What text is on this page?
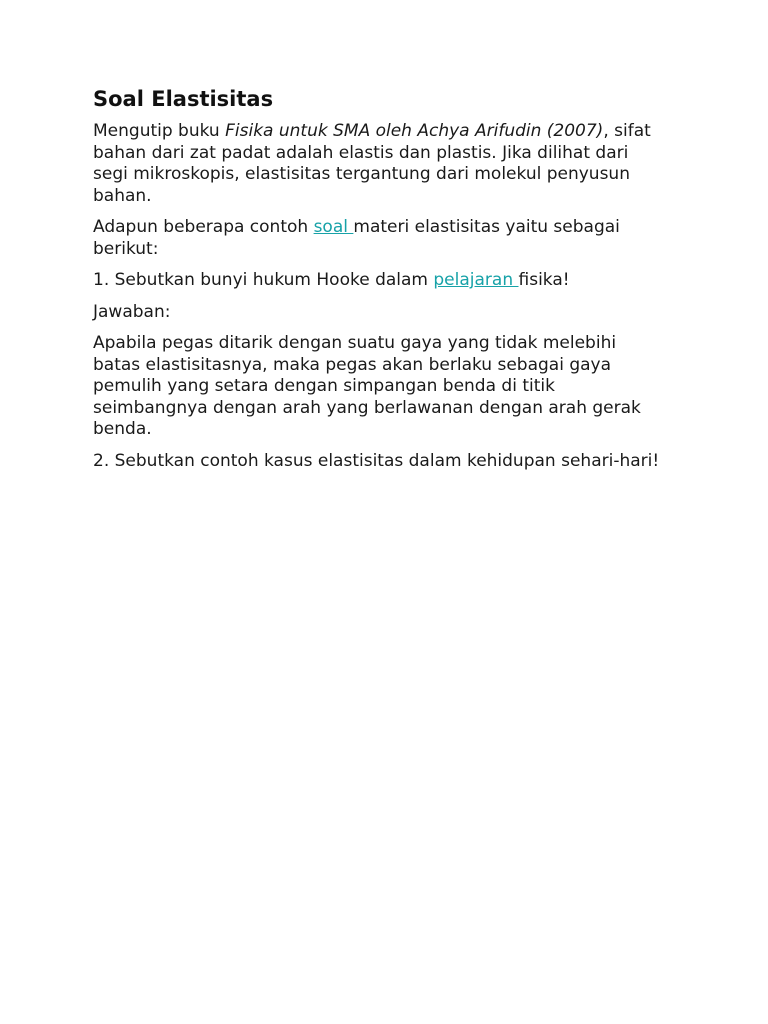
Soal Elastisitas

Mengutip buku Fisika untuk SMA oleh Achya Arifudin (2007), sifat bahan dari zat padat adalah elastis dan plastis. Jika dilihat dari segi mikroskopis, elastisitas tergantung dari molekul penyusun bahan.

Adapun beberapa contoh soal materi elastisitas yaitu sebagai berikut:

1. Sebutkan bunyi hukum Hooke dalam pelajaran fisika!

Jawaban:

Apabila pegas ditarik dengan suatu gaya yang tidak melebihi batas elastisitasnya, maka pegas akan berlaku sebagai gaya pemulih yang setara dengan simpangan benda di titik seimbangnya dengan arah yang berlawanan dengan arah gerak benda.

2. Sebutkan contoh kasus elastisitas dalam kehidupan sehari-hari!
